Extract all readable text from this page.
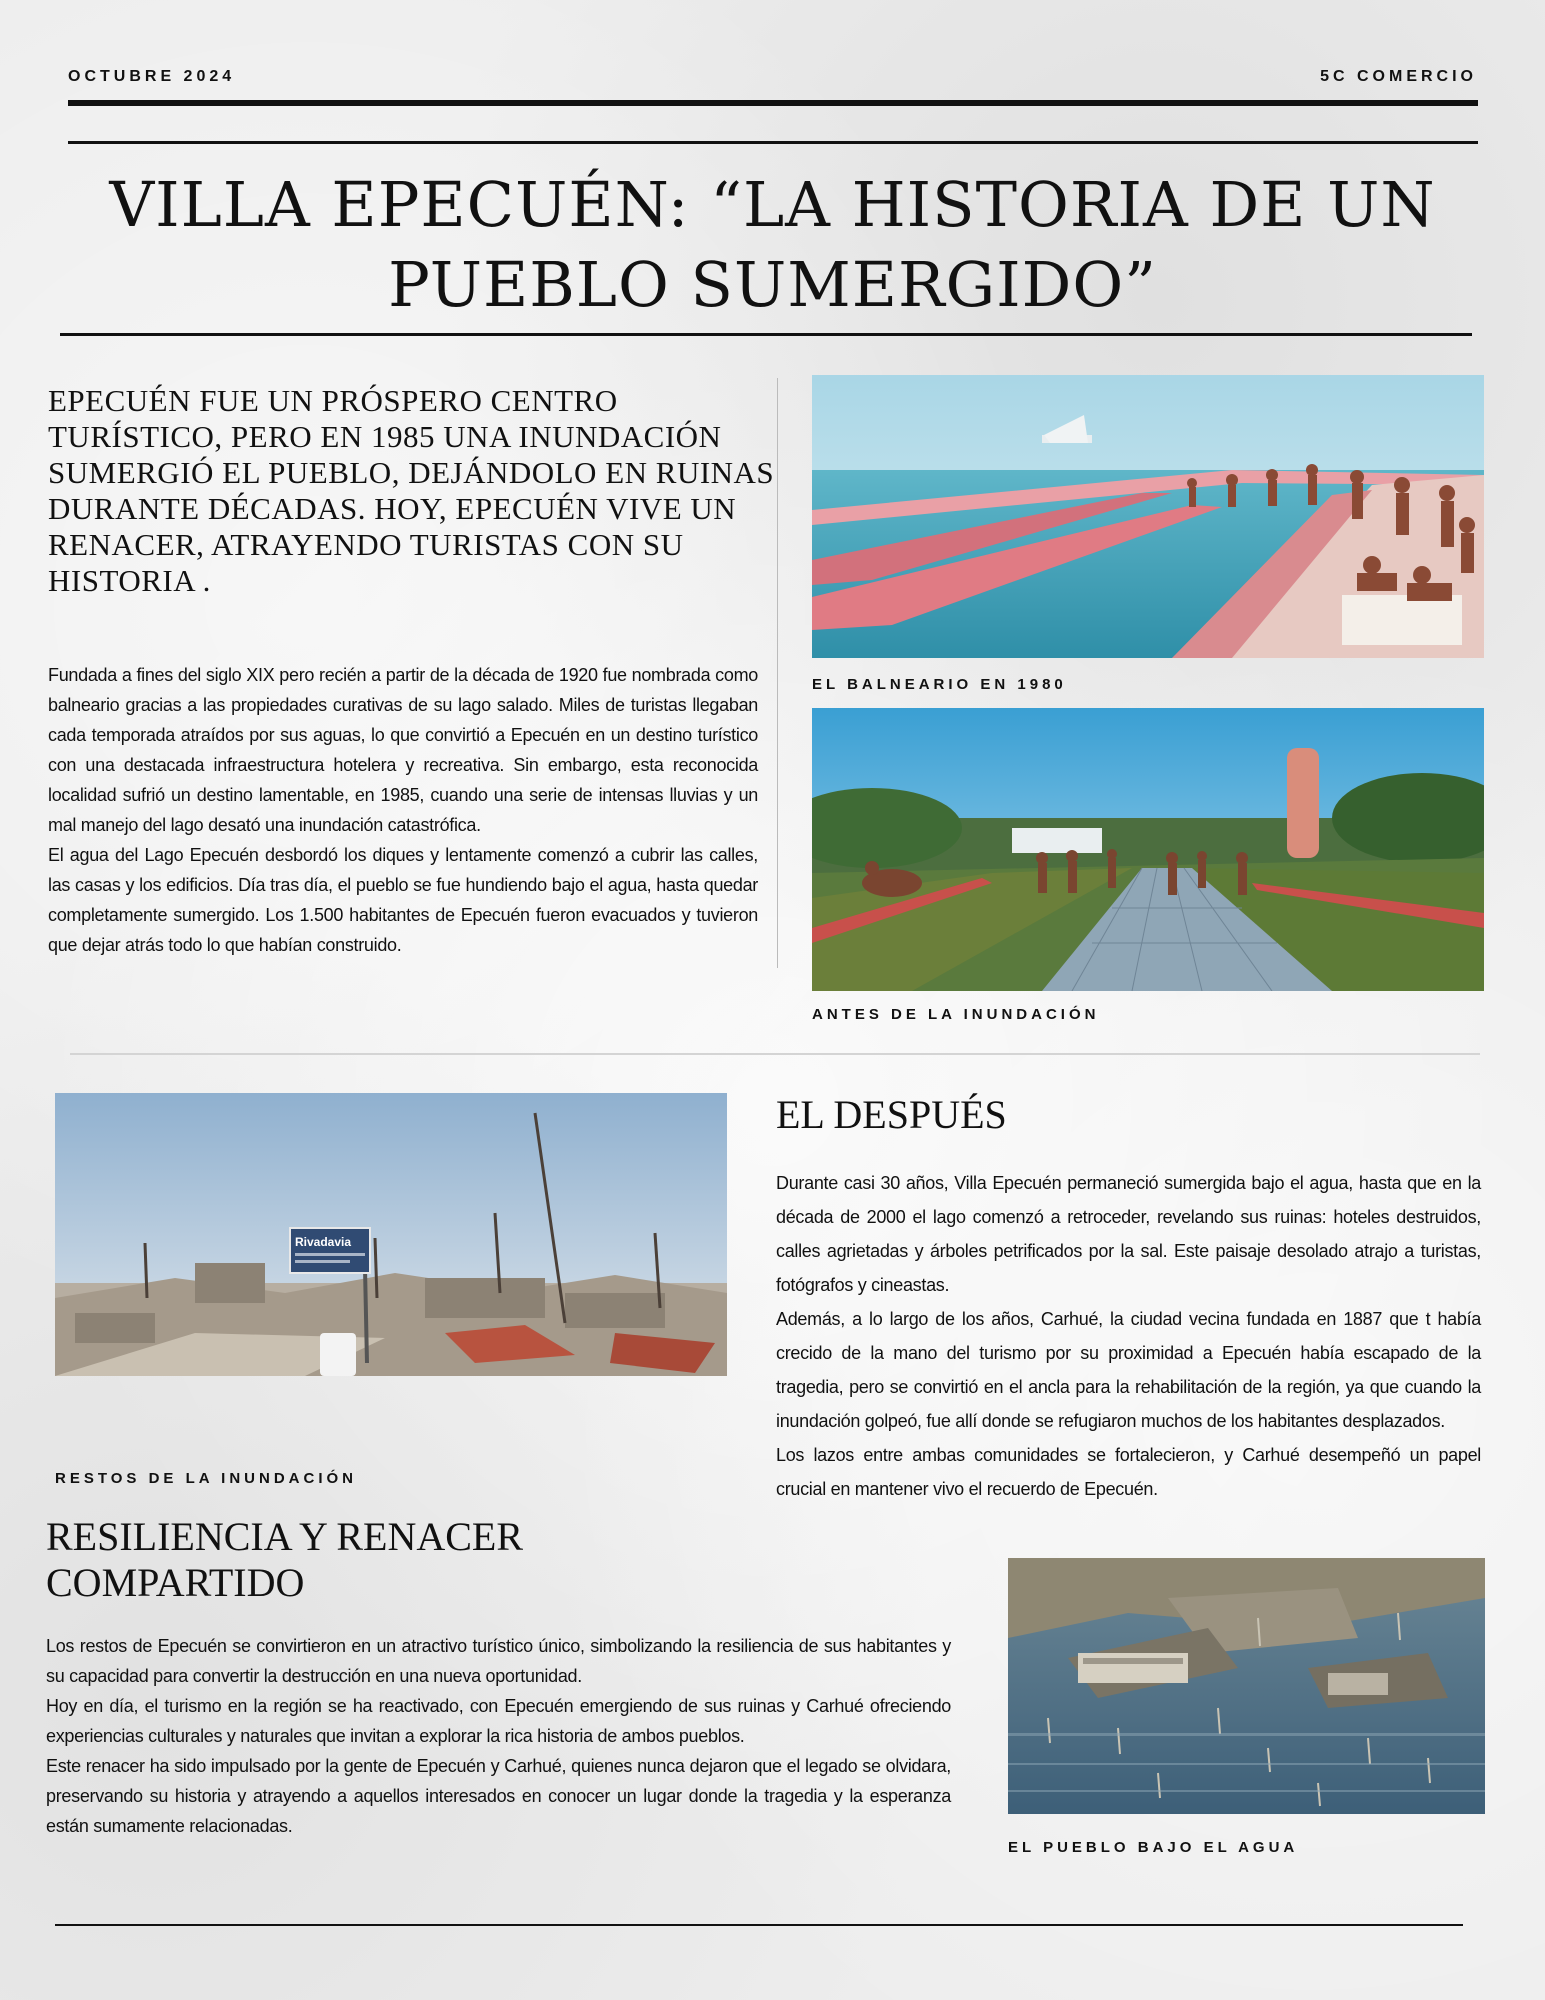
OCTUBRE 2024	5C COMERCIO
VILLA EPECUÉN: “LA HISTORIA DE UN PUEBLO SUMERGIDO”

EPECUÉN FUE UN PRÓSPERO CENTRO TURÍSTICO, PERO EN 1985 UNA INUNDACIÓN SUMERGIÓ EL PUEBLO, DEJÁNDOLO EN RUINAS DURANTE DÉCADAS. HOY, EPECUÉN VIVE UN RENACER, ATRAYENDO TURISTAS CON SU HISTORIA .

Fundada a fines del siglo XIX pero recién a partir de la década de 1920 fue nombrada como balneario gracias a las propiedades curativas de su lago salado. Miles de turistas llegaban cada temporada atraídos por sus aguas, lo que convirtió a Epecuén en un destino turístico con una destacada infraestructura hotelera y recreativa. Sin embargo, esta reconocida localidad sufrió un destino lamentable, en 1985, cuando una serie de intensas lluvias y un mal manejo del lago desató una inundación catastrófica.

El agua del Lago Epecuén desbordó los diques y lentamente comenzó a cubrir las calles, las casas y los edificios. Día tras día, el pueblo se fue hundiendo bajo el agua, hasta quedar completamente sumergido. Los 1.500 habitantes de Epecuén fueron evacuados y tuvieron que dejar atrás todo lo que habían construido.

EL BALNEARIO EN 1980
ANTES DE LA INUNDACIÓN
Rivadavia
RESTOS DE LA INUNDACIÓN
EL DESPUÉS

Durante casi 30 años, Villa Epecuén permaneció sumergida bajo el agua, hasta que en la década de 2000 el lago comenzó a retroceder, revelando sus ruinas: hoteles destruidos, calles agrietadas y árboles petrificados por la sal. Este paisaje desolado atrajo a turistas, fotógrafos y cineastas.

Además, a lo largo de los años, Carhué, la ciudad vecina fundada en 1887 que t había crecido de la mano del turismo por su proximidad a Epecuén había escapado de la tragedia, pero se convirtió en el ancla para la rehabilitación de la región, ya que cuando la inundación golpeó, fue allí donde se refugiaron muchos de los habitantes desplazados.

Los lazos entre ambas comunidades se fortalecieron, y Carhué desempeñó un papel crucial en mantener vivo el recuerdo de Epecuén.

RESILIENCIA Y RENACER COMPARTIDO

Los restos de Epecuén se convirtieron en un atractivo turístico único, simbolizando la resiliencia de sus habitantes y su capacidad para convertir la destrucción en una nueva oportunidad.

Hoy en día, el turismo en la región se ha reactivado, con Epecuén emergiendo de sus ruinas y Carhué ofreciendo experiencias culturales y naturales que invitan a explorar la rica historia de ambos pueblos.

Este renacer ha sido impulsado por la gente de Epecuén y Carhué, quienes nunca dejaron que el legado se olvidara, preservando su historia y atrayendo a aquellos interesados en conocer un lugar donde la tragedia y la esperanza están sumamente relacionadas.

EL PUEBLO BAJO EL AGUA
